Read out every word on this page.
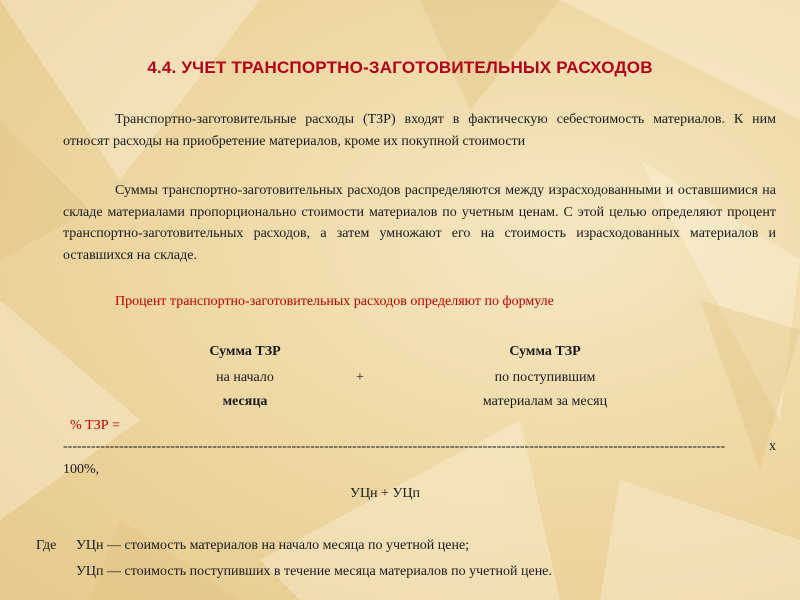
4.4. УЧЕТ ТРАНСПОРТНО-ЗАГОТОВИТЕЛЬНЫХ РАСХОДОВ
Транспортно-заготовительные расходы (ТЗР) входят в фактическую себестоимость материалов. К ним относят расходы на приобретение материалов, кроме их покупной стоимости
Суммы транспортно-заготовительных расходов распределяются между израсходованными и оставшимися на складе материалами пропорционально стоимости материалов по учетным ценам. С этой целью определяют процент транспортно-заготовительных расходов, а затем умножают его на стоимость израсходованных материалов и оставшихся на складе.
Процент транспортно-заготовительных расходов определяют по формуле
Сумма ТЗР
на начало
месяца
+
Сумма ТЗР
по поступившим
материалам за месяц
% ТЗР =
----------------------------------------------------------------------------------------------------------------------------------------------	х
100%,
УЦн + УЦп
Где УЦн — стоимость материалов на начало месяца по учетной цене;
УЦп — стоимость поступивших в течение месяца материалов по учетной цене.
